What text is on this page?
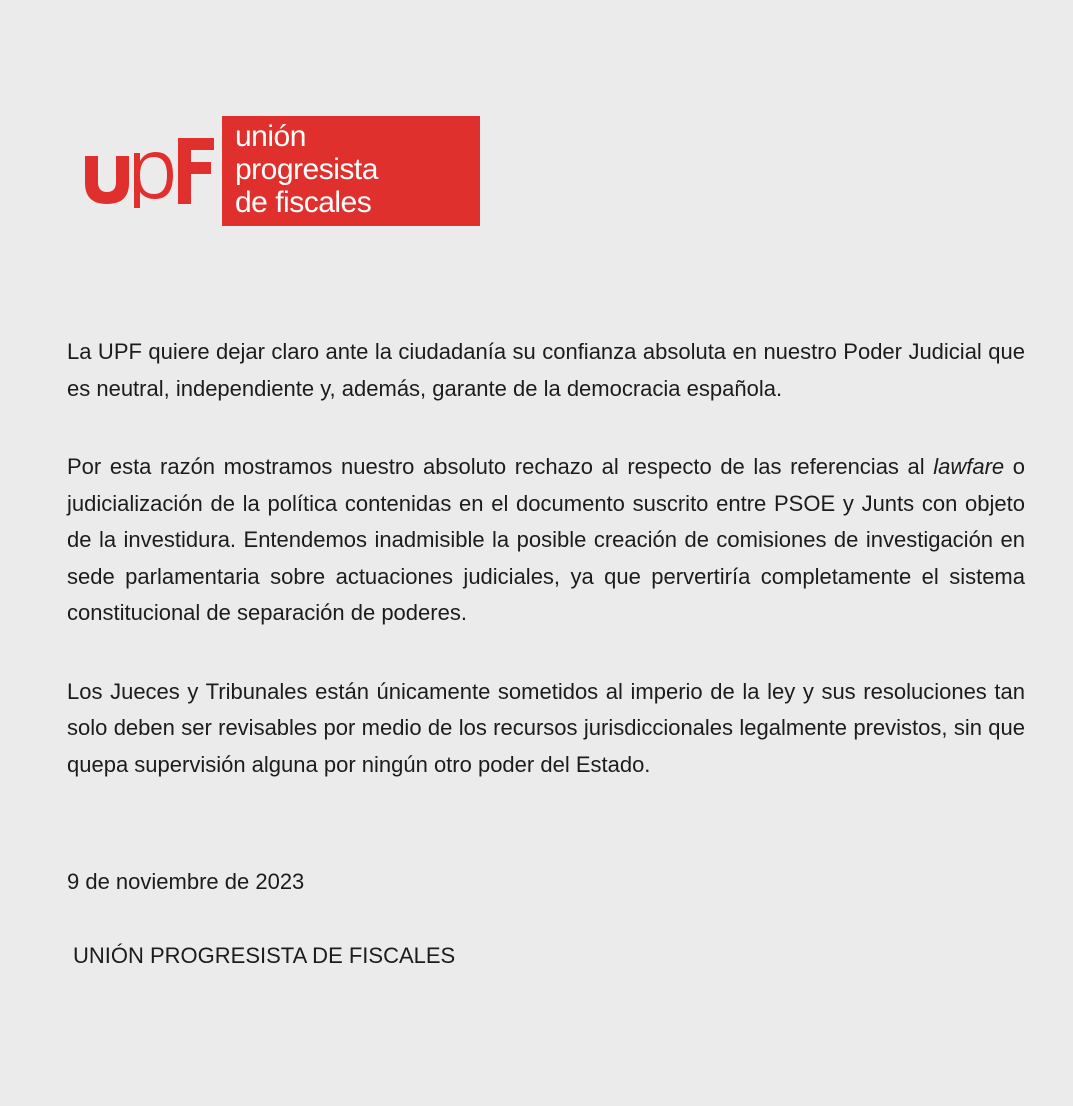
unión
progresista
de fiscales

La UPF quiere dejar claro ante la ciudadanía su confianza absoluta en nuestro Poder Judicial que es neutral, independiente y, además, garante de la democracia española.

Por esta razón mostramos nuestro absoluto rechazo al respecto de las referencias al lawfare o judicialización de la política contenidas en el documento suscrito entre PSOE y Junts con objeto de la investidura. Entendemos inadmisible la posible creación de comisiones de investigación en sede parlamentaria sobre actuaciones judiciales, ya que pervertiría completamente el sistema constitucional de separación de poderes.

Los Jueces y Tribunales están únicamente sometidos al imperio de la ley y sus resoluciones tan solo deben ser revisables por medio de los recursos jurisdiccionales legalmente previstos, sin que quepa supervisión alguna por ningún otro poder del Estado.

9 de noviembre de 2023
UNIÓN PROGRESISTA DE FISCALES
